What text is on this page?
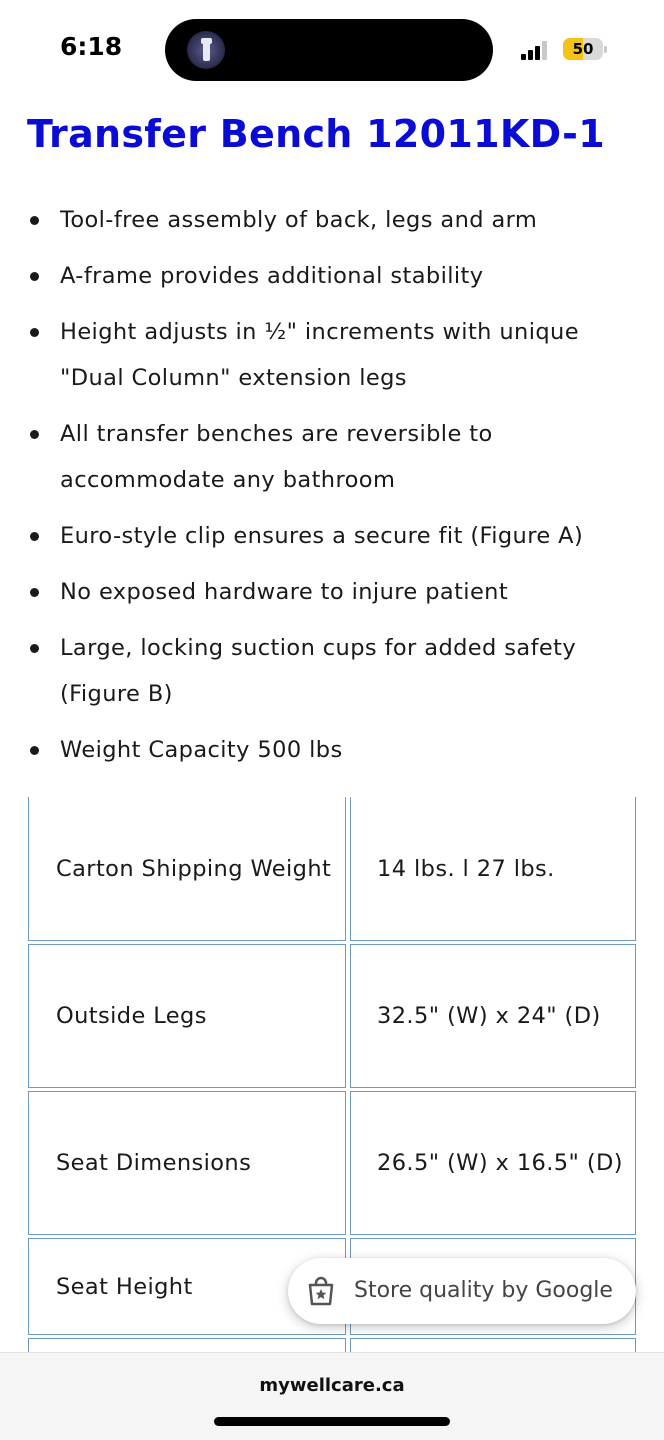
6:18	50
Transfer Bench 12011KD-1
Tool-free assembly of back, legs and arm
A-frame provides additional stability
Height adjusts in ½" increments with unique "Dual Column" extension legs
All transfer benches are reversible to accommodate any bathroom
Euro-style clip ensures a secure fit (Figure A)
No exposed hardware to injure patient
Large, locking suction cups for added safety (Figure B)
Weight Capacity 500 lbs
Carton Shipping Weight	14 lbs. l 27 lbs.
Outside Legs	32.5" (W) x 24" (D)
Seat Dimensions	26.5" (W) x 16.5" (D)
Seat Height	Store quality by Google
mywellcare.ca
